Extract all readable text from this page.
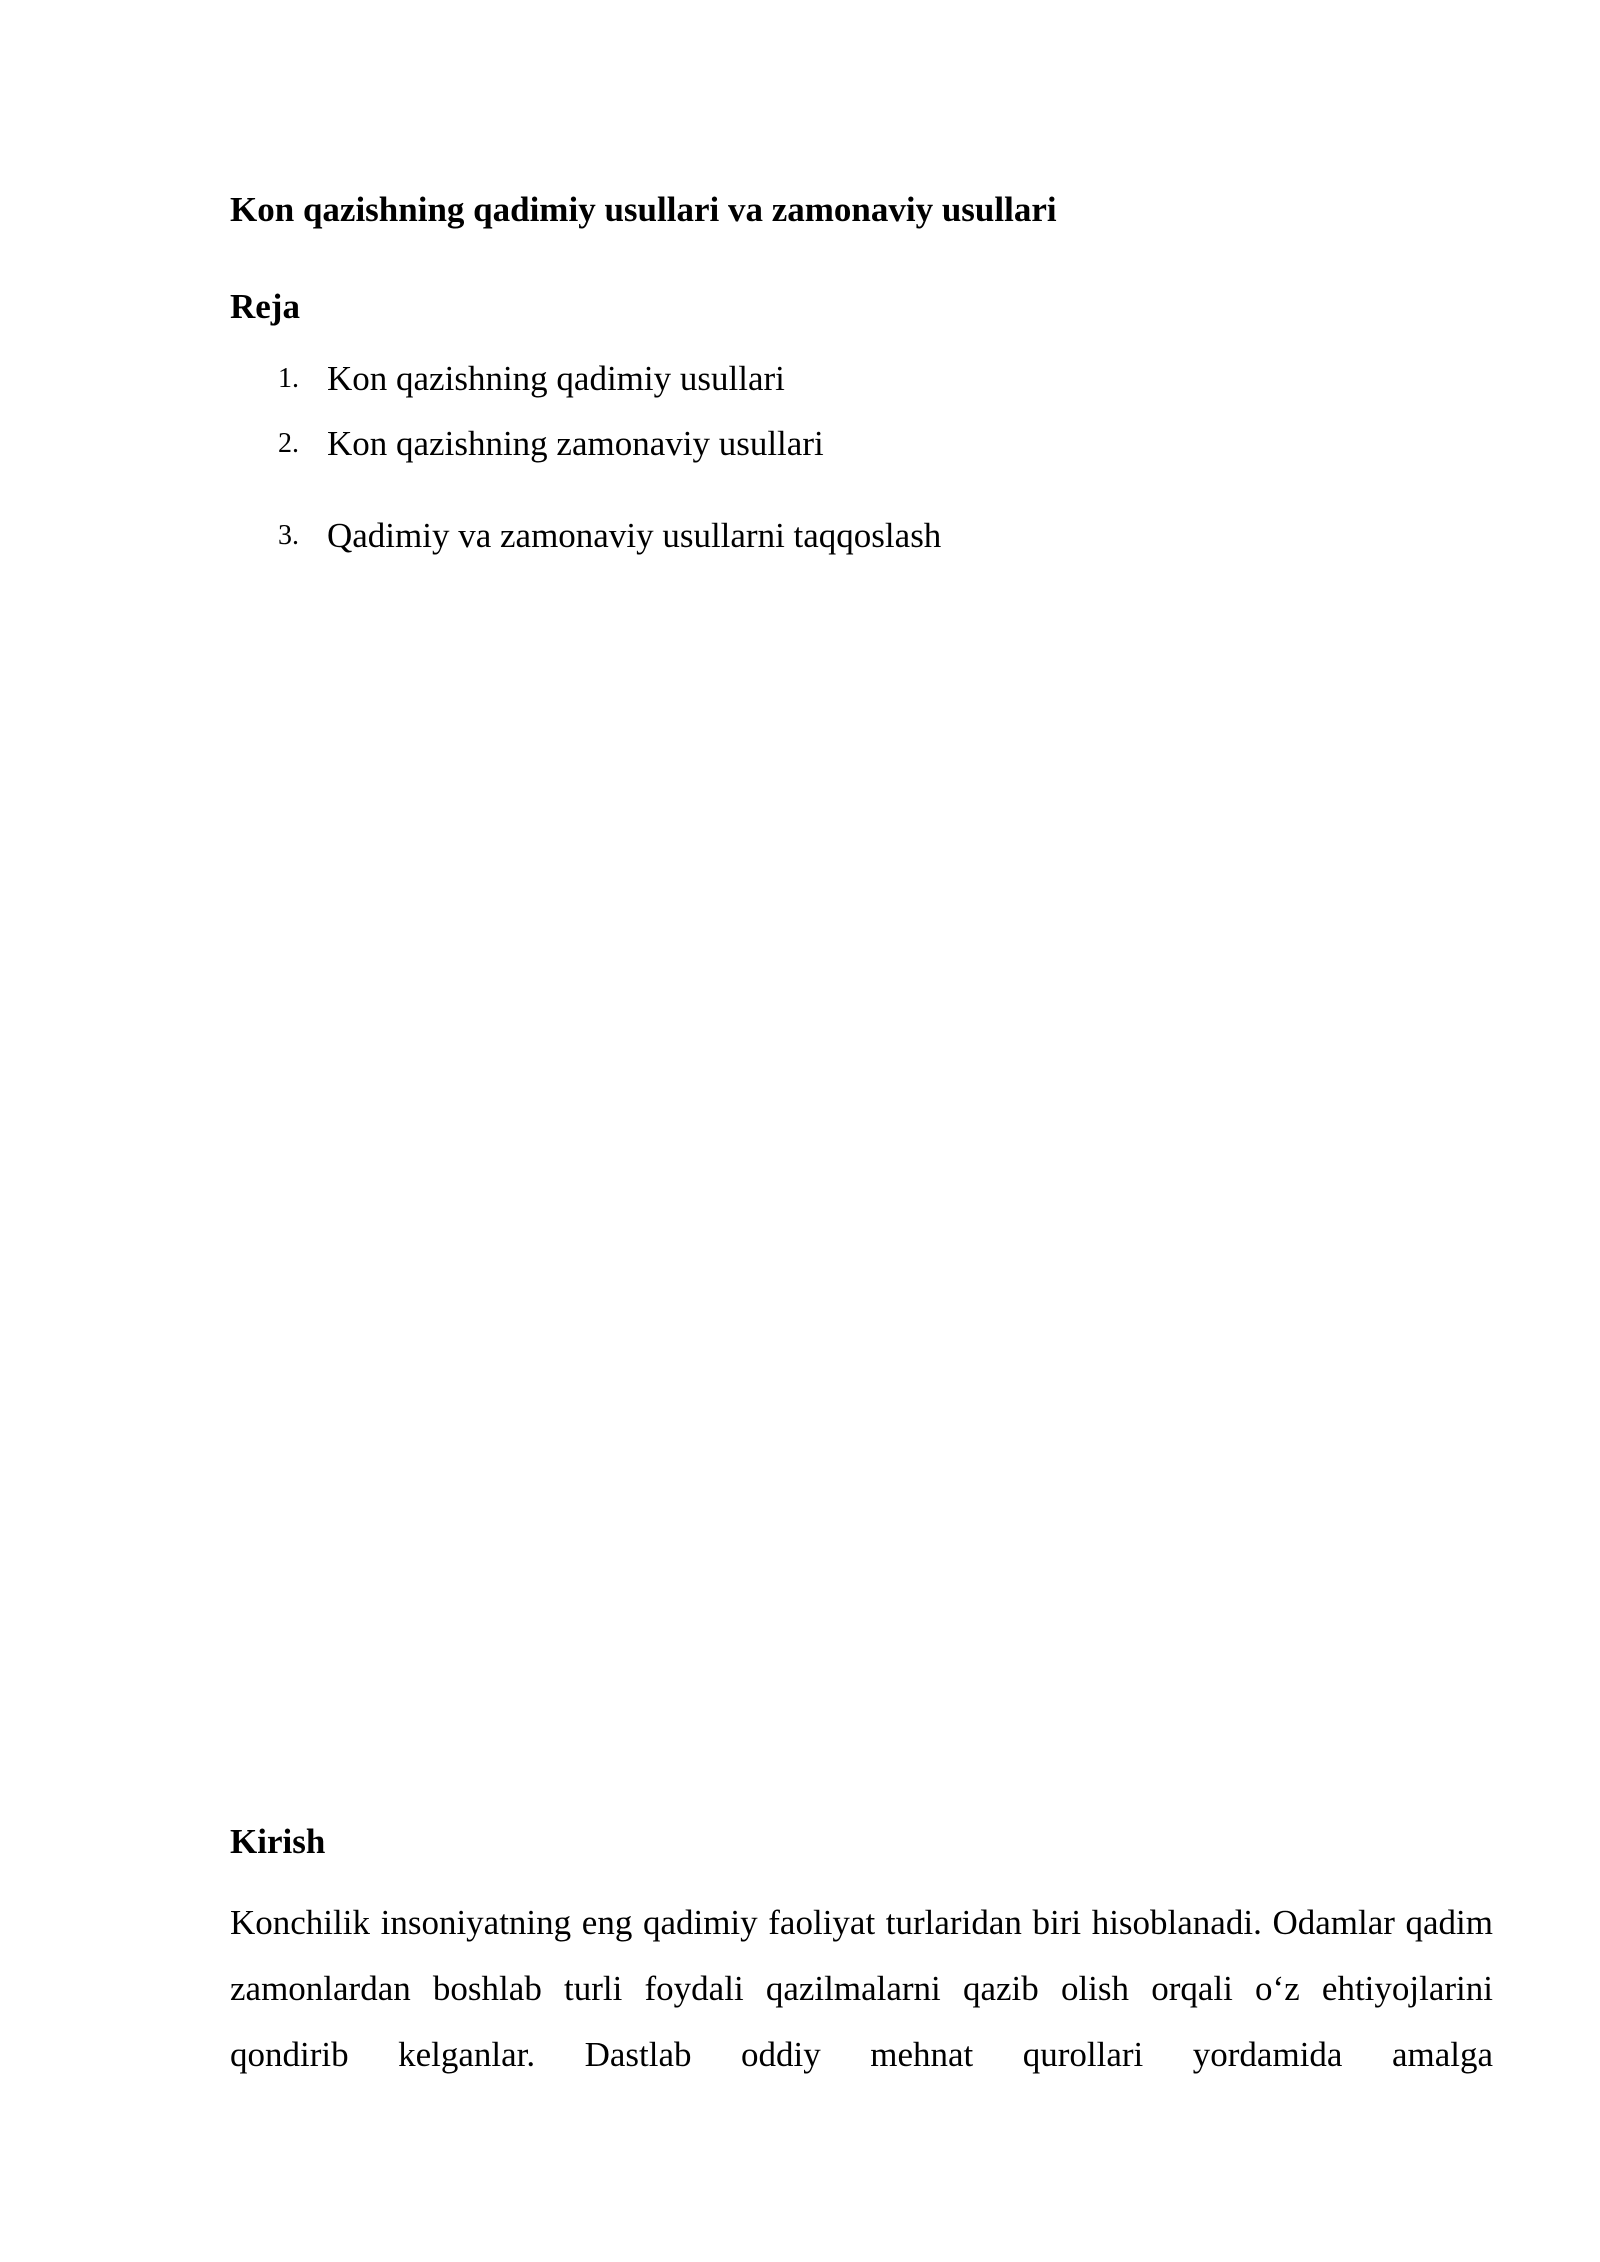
Kon qazishning qadimiy usullari va zamonaviy usullari
Reja
1. Kon qazishning qadimiy usullari
2. Kon qazishning zamonaviy usullari
3. Qadimiy va zamonaviy usullarni taqqoslash
Kirish

Konchilik insoniyatning eng qadimiy faoliyat turlaridan biri hisoblanadi. Odamlar qadim zamonlardan boshlab turli foydali qazilmalarni qazib olish orqali o‘z ehtiyojlarini qondirib kelganlar. Dastlab oddiy mehnat qurollari yordamida amalga
